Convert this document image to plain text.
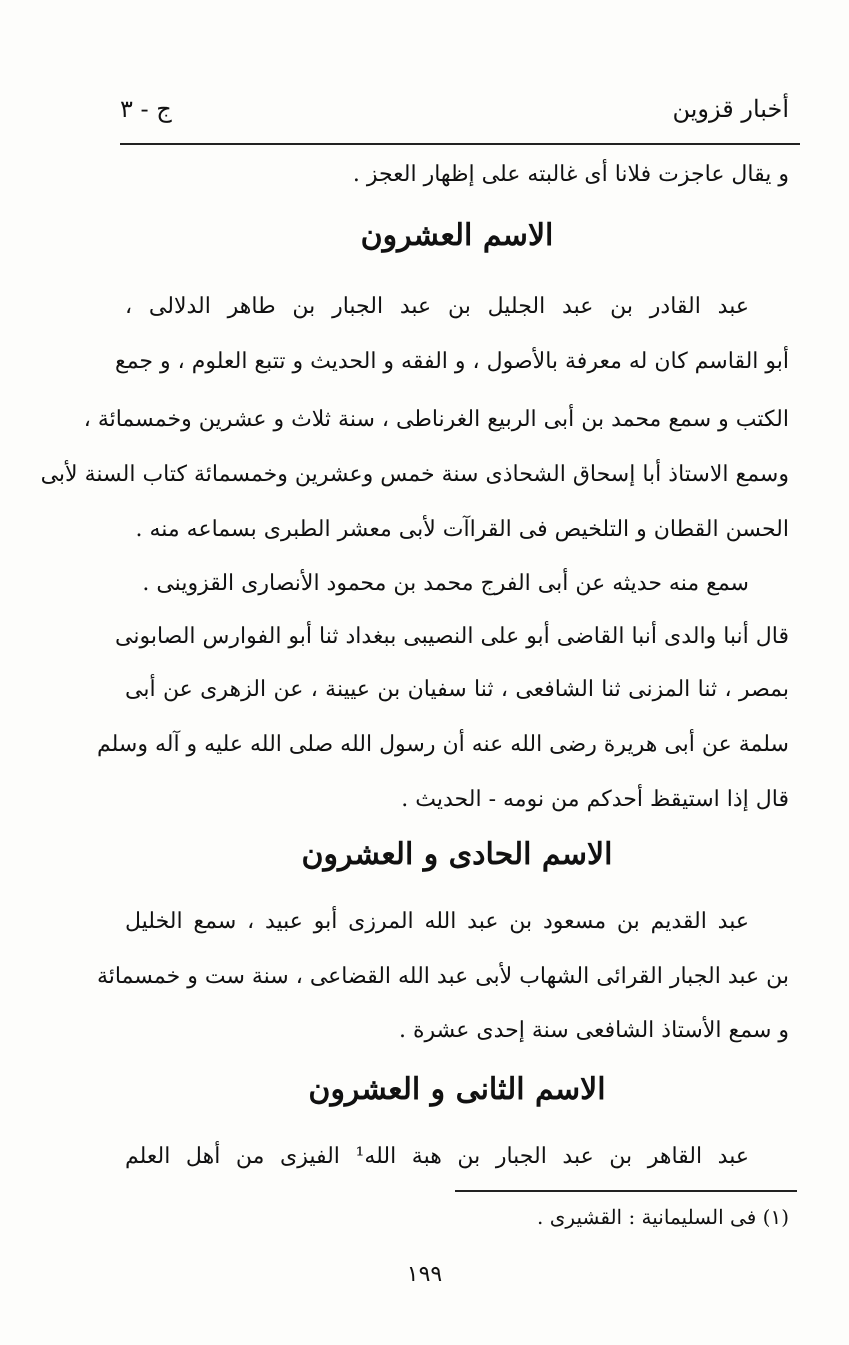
أخبار قزوين
ج - ٣
و يقال عاجزت فلانا أى غالبته على إظهار العجز .
الاسم العشرون
عبد القادر بن عبد الجليل بن عبد الجبار بن طاهر الدلالى ،
أبو القاسم كان له معرفة بالأصول ، و الفقه و الحديث و تتبع العلوم ، و جمع
الكتب و سمع محمد بن أبى الربيع الغرناطى ، سنة ثلاث و عشرين وخمسمائة ،
وسمع الاستاذ أبا إسحاق الشحاذى سنة خمس وعشرين وخمسمائة كتاب السنة لأبى
الحسن القطان و التلخيص فى القراآت لأبى معشر الطبرى بسماعه منه .
سمع منه حديثه عن أبى الفرج محمد بن محمود الأنصارى القزوينى .
قال أنبا والدى أنبا القاضى أبو على النصيبى ببغداد ثنا أبو الفوارس الصابونى
بمصر ، ثنا المزنى ثنا الشافعى ، ثنا سفيان بن عيينة ، عن الزهرى عن أبى
سلمة عن أبى هريرة رضى الله عنه أن رسول الله صلى الله عليه و آله وسلم
قال إذا استيقظ أحدكم من نومه - الحديث .
الاسم الحادى و العشرون
عبد القديم بن مسعود بن عبد الله المرزى أبو عبيد ، سمع الخليل
بن عبد الجبار القرائى الشهاب لأبى عبد الله القضاعى ، سنة ست و خمسمائة
و سمع الأستاذ الشافعى سنة إحدى عشرة .
الاسم الثانى و العشرون
عبد القاهر بن عبد الجبار بن هبة الله¹ الفيزى من أهل العلم
(١) فى السليمانية : القشيرى .
١٩٩
